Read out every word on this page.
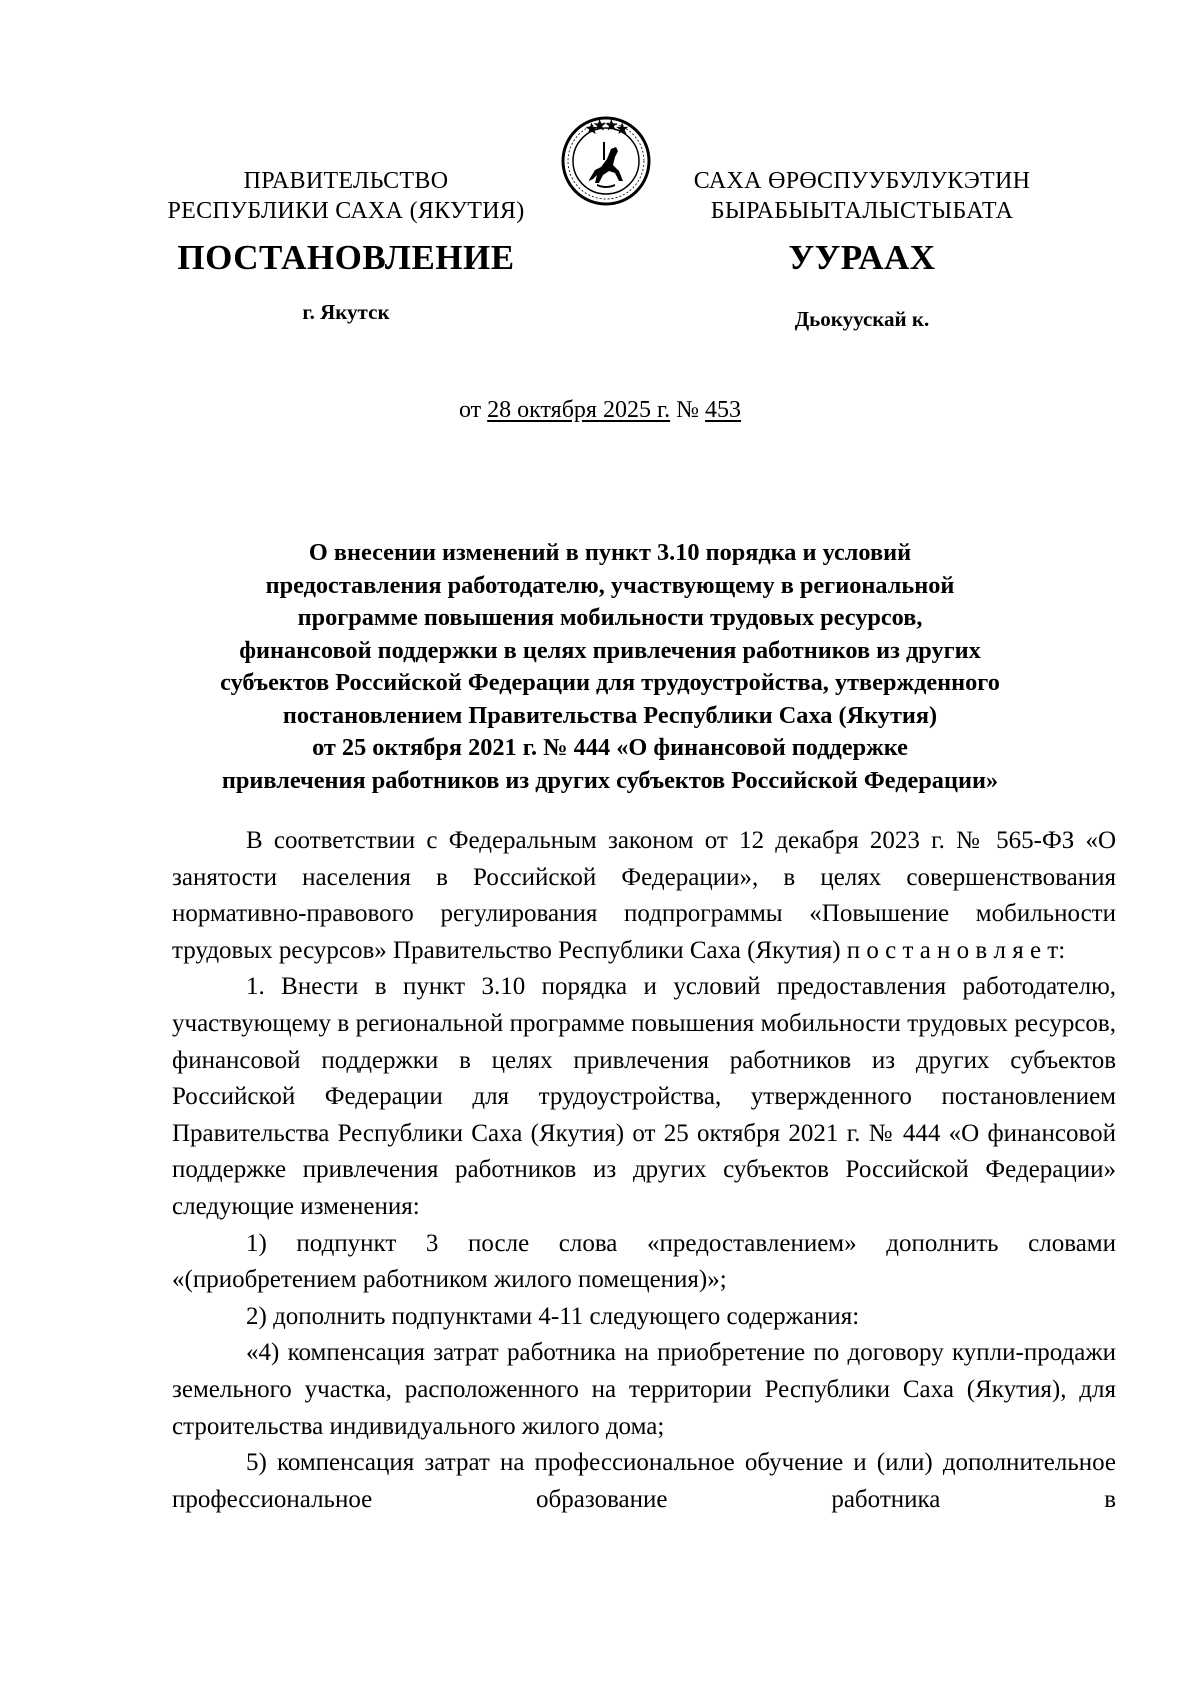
ПРАВИТЕЛЬСТВО
РЕСПУБЛИКИ САХА (ЯКУТИЯ)
САХА ӨРӨСПУУБУЛУКЭТИН
БЫРАБЫЫТАЛЫСТЫБАТА
ПОСТАНОВЛЕНИЕ	УУРААХ
г. Якутск	Дьокуускай к.
от 28 октября 2025 г. № 453
О внесении изменений в пункт 3.10 порядка и условий
предоставления работодателю, участвующему в региональной
программе повышения мобильности трудовых ресурсов,
финансовой поддержки в целях привлечения работников из других
субъектов Российской Федерации для трудоустройства, утвержденного
постановлением Правительства Республики Саха (Якутия)
от 25 октября 2021 г. № 444 «О финансовой поддержке
привлечения работников из других субъектов Российской Федерации»

В соответствии с Федеральным законом от 12 декабря 2023 г. № 565-ФЗ «О занятости населения в Российской Федерации», в целях совершенствования нормативно-правового регулирования подпрограммы «Повышение мобильности трудовых ресурсов» Правительство Республики Саха (Якутия) п о с т а н о в л я е т:

1. Внести в пункт 3.10 порядка и условий предоставления работодателю, участвующему в региональной программе повышения мобильности трудовых ресурсов, финансовой поддержки в целях привлечения работников из других субъектов Российской Федерации для трудоустройства, утвержденного постановлением Правительства Республики Саха (Якутия) от 25 октября 2021 г. № 444 «О финансовой поддержке привлечения работников из других субъектов Российской Федерации» следующие изменения:

1) подпункт 3 после слова «предоставлением» дополнить словами «(приобретением работником жилого помещения)»;

2) дополнить подпунктами 4-11 следующего содержания:

«4) компенсация затрат работника на приобретение по договору купли-продажи земельного участка, расположенного на территории Республики Саха (Якутия), для строительства индивидуального жилого дома;

5) компенсация затрат на профессиональное обучение и (или) дополнительное профессиональное образование работника в
